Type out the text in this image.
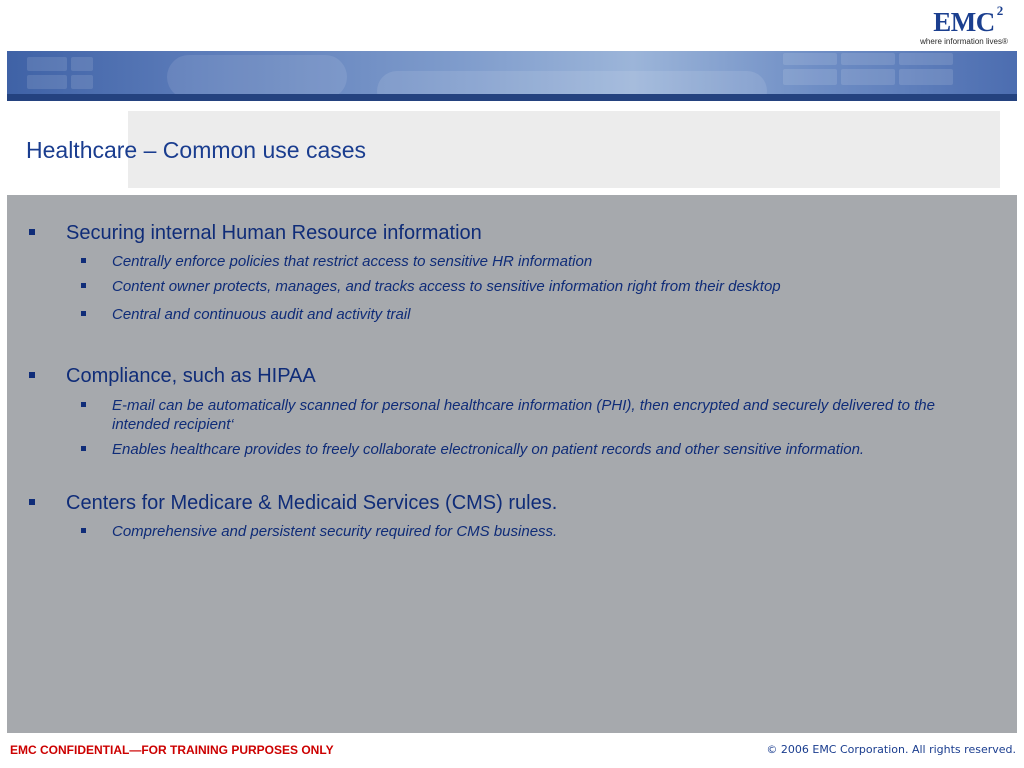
EMC 2
where information lives®
Healthcare – Common use cases
Securing internal Human Resource information
Centrally enforce policies that restrict access to sensitive HR information
Content owner protects, manages, and tracks access to sensitive information right from their desktop
Central and continuous audit and activity trail
Compliance, such as HIPAA
E-mail can be automatically scanned for personal healthcare information (PHI), then encrypted and securely delivered to the intended recipient‘
Enables healthcare provides to freely collaborate electronically on patient records and other sensitive information.
Centers for Medicare & Medicaid Services (CMS) rules.
Comprehensive and persistent security required for CMS business.
EMC CONFIDENTIAL—FOR TRAINING PURPOSES ONLY	© 2006 EMC Corporation. All rights reserved.
